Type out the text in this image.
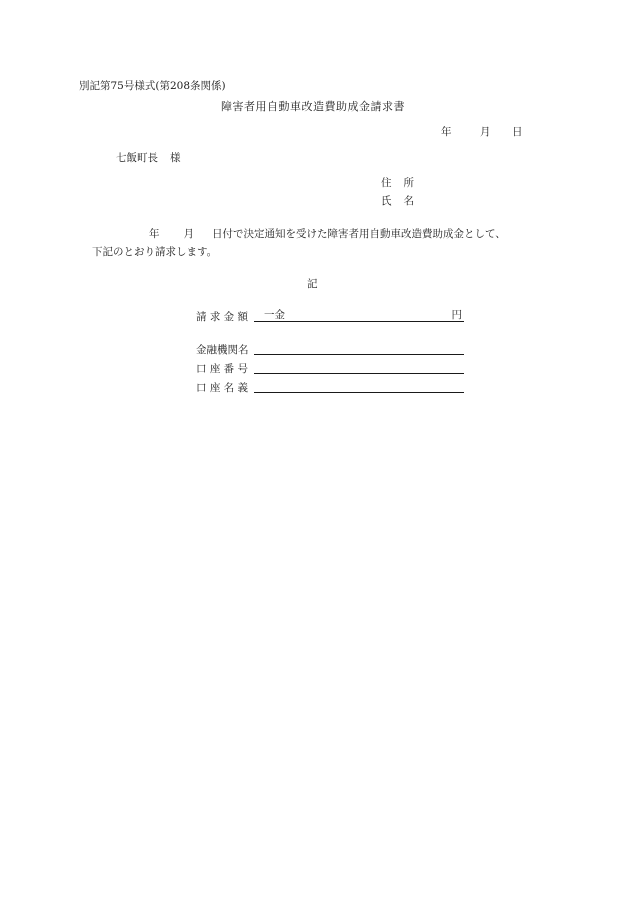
別記第75号様式(第208条関係)
障害者用自動車改造費助成金請求書
年	月 日
七飯町長 様
住 所
氏 名
年 月 日付で決定通知を受けた障害者用自動車改造費助成金として、
下記のとおり請求します。
記
請 求 金 額 一金	円
金融機関名
口 座 番 号
口 座 名 義
